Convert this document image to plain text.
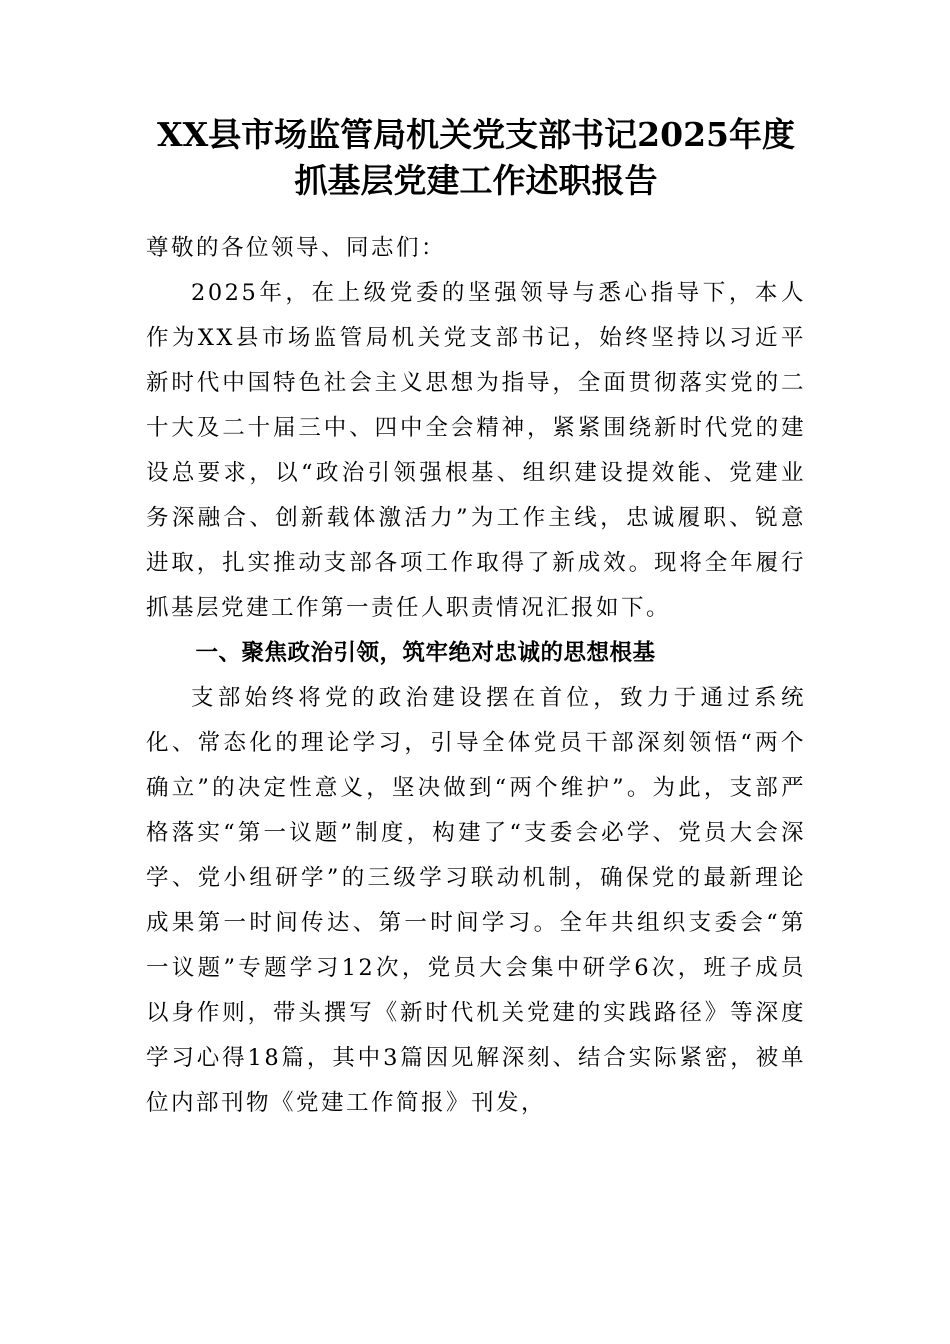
XX县市场监管局机关党支部书记2025年度抓基层党建工作述职报告

尊敬的各位领导、同志们：

2025年，在上级党委的坚强领导与悉心指导下，本人作为XX县市场监管局机关党支部书记，始终坚持以习近平新时代中国特色社会主义思想为指导，全面贯彻落实党的二十大及二十届三中、四中全会精神，紧紧围绕新时代党的建设总要求，以“政治引领强根基、组织建设提效能、党建业务深融合、创新载体激活力”为工作主线，忠诚履职、锐意进取，扎实推动支部各项工作取得了新成效。现将全年履行抓基层党建工作第一责任人职责情况汇报如下。

一、聚焦政治引领，筑牢绝对忠诚的思想根基

支部始终将党的政治建设摆在首位，致力于通过系统化、常态化的理论学习，引导全体党员干部深刻领悟“两个确立”的决定性意义，坚决做到“两个维护”。为此，支部严格落实“第一议题”制度，构建了“支委会必学、党员大会深学、党小组研学”的三级学习联动机制，确保党的最新理论成果第一时间传达、第一时间学习。全年共组织支委会“第一议题”专题学习12次，党员大会集中研学6次，班子成员以身作则，带头撰写《新时代机关党建的实践路径》等深度学习心得18篇，其中3篇因见解深刻、结合实际紧密，被单位内部刊物《党建工作简报》刊发，
